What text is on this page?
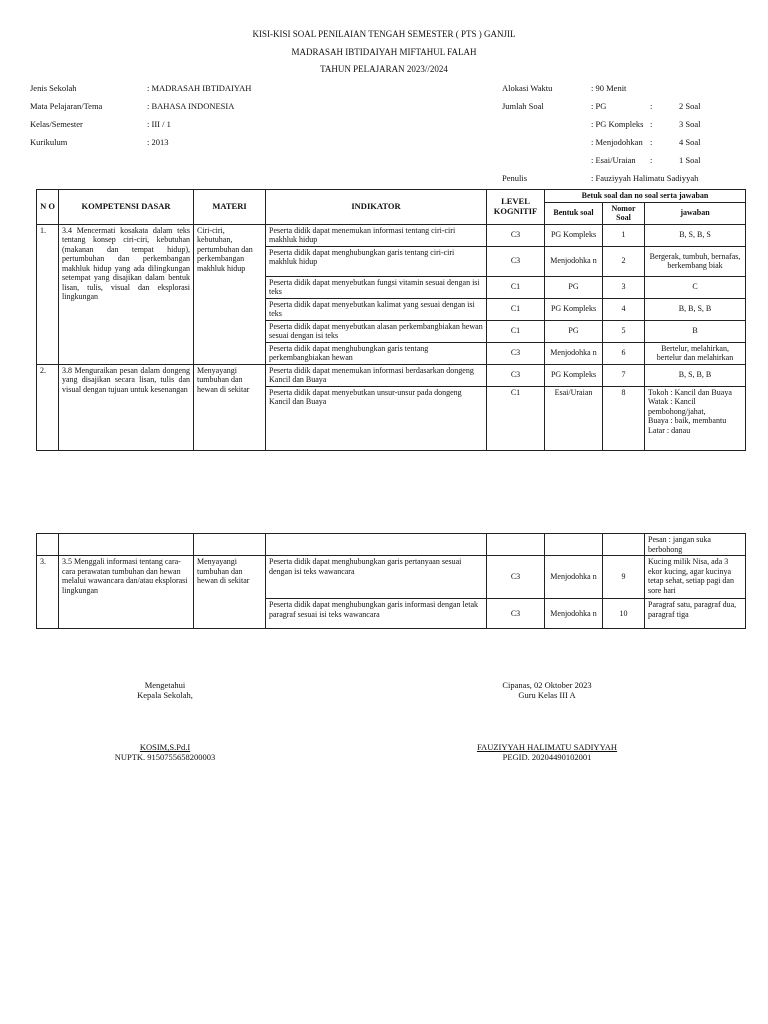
KISI-KISI SOAL PENILAIAN TENGAH SEMESTER ( PTS ) GANJIL
MADRASAH IBTIDAIYAH MIFTAHUL FALAH
TAHUN PELAJARAN 2023//2024
Jenis Sekolah	: MADRASAH IBTIDAIYAH
Mata Pelajaran/Tema	: BAHASA INDONESIA
Kelas/Semester	: III / 1
Kurikulum	: 2013
Alokasi Waktu	: 90 Menit
Jumlah Soal	: PG	:	2 Soal
: PG Kompleks :	3 Soal
: Menjodohkan :	4 Soal
: Esai/Uraian :	1 Soal
Penulis	: Fauziyyah Halimatu Sadiyyah
N O	KOMPETENSI DASAR	MATERI	INDIKATOR	LEVEL KOGNITIF	Betuk soal dan no soal serta jawaban		
					Bentuk soal	Nomor Soal	jawaban
1.	3.4 Mencermati kosakata dalam teks tentang konsep ciri-ciri, kebutuhan (makanan dan tempat hidup), pertumbuhan dan perkembangan makhluk hidup yang ada dilingkungan setempat yang disajikan dalam bentuk lisan, tulis, visual dan eksplorasi lingkungan	Ciri-ciri, kebutuhan, pertumbuhan dan perkembangan makhluk hidup	Peserta didik dapat menemukan informasi tentang ciri-ciri makhluk hidup	C3	PG Kompleks	1	B, S, B, S
			Peserta didik dapat menghubungkan garis tentang ciri-ciri makhluk hidup	C3	Menjodohka n	2	Bergerak, tumbuh, bernafas, berkembang biak
			Peserta didik dapat menyebutkan fungsi vitamin sesuai dengan isi teks	C1	PG	3	C
			Peserta didik dapat menyebutkan kalimat yang sesuai dengan isi teks	C1	PG Kompleks	4	B, B, S, B
			Peserta didik dapat menyebutkan alasan perkembangbiakan hewan sesuai dengan isi teks	C1	PG	5	B
			Peserta didik dapat menghubungkan garis tentang perkembangbiakan hewan	C3	Menjodohka n	6	Bertelur, melahirkan, bertelur dan melahirkan
2.	3.8 Menguraikan pesan dalam dongeng yang disajikan secara lisan, tulis dan visual dengan tujuan untuk kesenangan	Menyayangi tumbuhan dan hewan di sekitar	Peserta didik dapat menemukan informasi berdasarkan dongeng Kancil dan Buaya	C3	PG Kompleks	7	B, S, B, B
			Peserta didik dapat menyebutkan unsur-unsur pada dongeng Kancil dan Buaya	C1	Esai/Uraian	8	Tokoh : Kancil dan Buaya
Watak : Kancil pembohong/jahat,
Buaya : baik, membantu
Latar : danau
							Pesan : jangan suka berbohong
3.	3.5 Menggali informasi tentang cara-cara perawatan tumbuhan dan hewan melalui wawancara dan/atau eksplorasi lingkungan	Menyayangi tumbuhan dan hewan di sekitar	Peserta didik dapat menghubungkan garis pertanyaan sesuai dengan isi teks wawancara	C3	Menjodohka n	9	Kucing milik Nisa, ada 3 ekor kucing, agar kucinya tetap sehat, setiap pagi dan sore hari
			Peserta didik dapat menghubungkan garis informasi dengan letak paragraf sesuai isi teks wawancara	C3	Menjodohka n	10	Paragraf satu, paragraf dua, paragraf tiga
Mengetahui
Kepala Sekolah,
KOSIM,S.Pd.I
NUPTK. 9150755658200003
Cipanas, 02 Oktober 2023
Guru Kelas III A
FAUZIYYAH HALIMATU SADIYYAH
PEGID. 20204490102001
